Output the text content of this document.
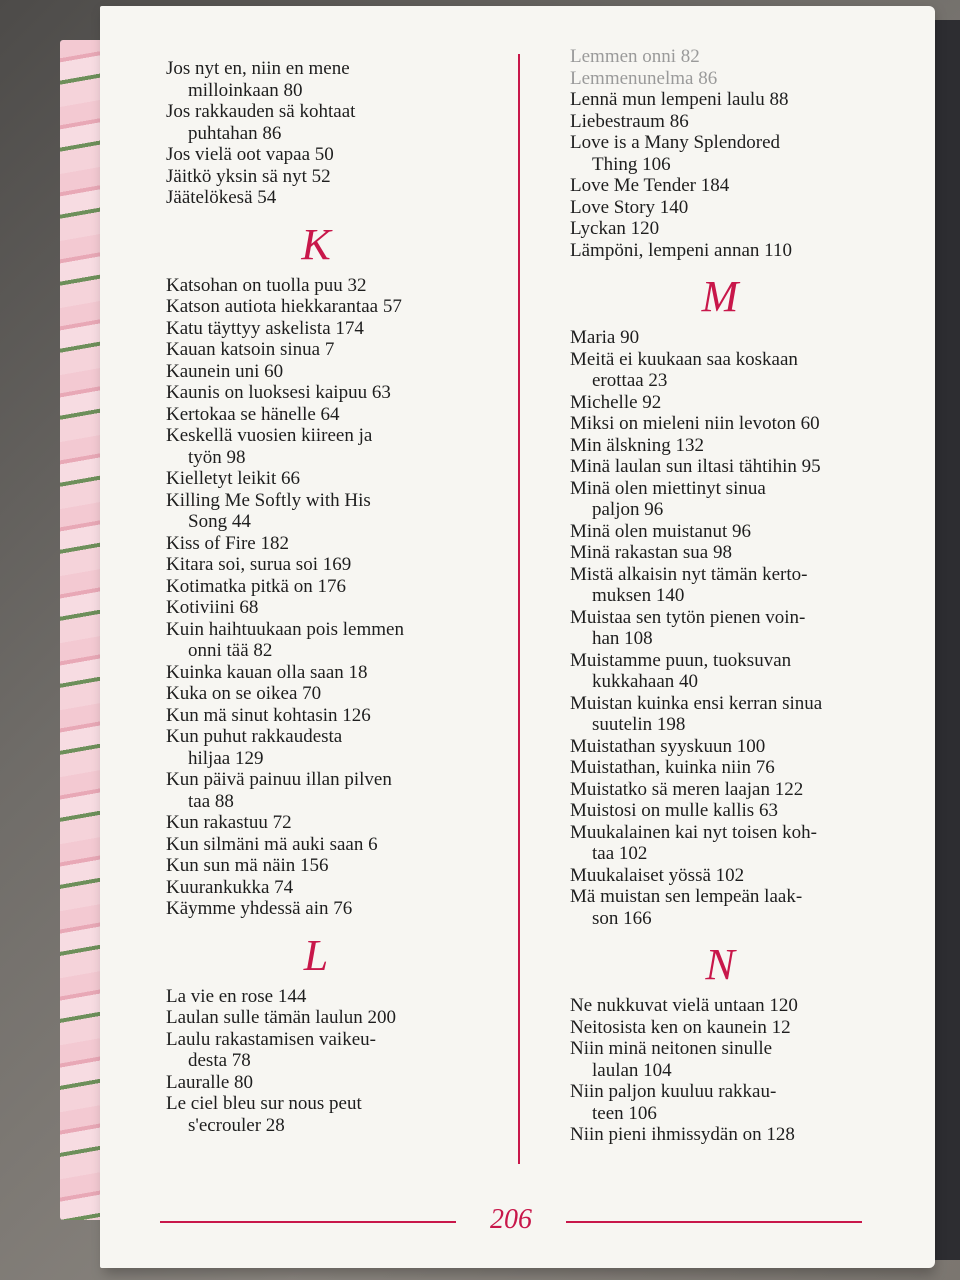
Jos nyt en, niin en mene
milloinkaan 80

Jos rakkauden sä kohtaat
puhtahan 86

Jos vielä oot vapaa 50

Jäitkö yksin sä nyt 52

Jäätelökesä 54

K

Katsohan on tuolla puu 32

Katson autiota hiekkarantaa 57

Katu täyttyy askelista 174

Kauan katsoin sinua 7

Kaunein uni 60

Kaunis on luoksesi kaipuu 63

Kertokaa se hänelle 64

Keskellä vuosien kiireen ja
työn 98

Kielletyt leikit 66

Killing Me Softly with His
Song 44

Kiss of Fire 182

Kitara soi, surua soi 169

Kotimatka pitkä on 176

Kotiviini 68

Kuin haihtuukaan pois lemmen
onni tää 82

Kuinka kauan olla saan 18

Kuka on se oikea 70

Kun mä sinut kohtasin 126

Kun puhut rakkaudesta
hiljaa 129

Kun päivä painuu illan pilven
taa 88

Kun rakastuu 72

Kun silmäni mä auki saan 6

Kun sun mä näin 156

Kuurankukka 74

Käymme yhdessä ain 76

L

La vie en rose 144

Laulan sulle tämän laulun 200

Laulu rakastamisen vaikeu-
desta 78

Lauralle 80

Le ciel bleu sur nous peut
s'ecrouler 28

Lemmen onni 82

Lemmenunelma 86

Lennä mun lempeni laulu 88

Liebestraum 86

Love is a Many Splendored
Thing 106

Love Me Tender 184

Love Story 140

Lyckan 120

Lämpöni, lempeni annan 110

M

Maria 90

Meitä ei kuukaan saa koskaan
erottaa 23

Michelle 92

Miksi on mieleni niin levoton 60

Min älskning 132

Minä laulan sun iltasi tähtihin 95

Minä olen miettinyt sinua
paljon 96

Minä olen muistanut 96

Minä rakastan sua 98

Mistä alkaisin nyt tämän kerto-
muksen 140

Muistaa sen tytön pienen voin-
han 108

Muistamme puun, tuoksuvan
kukkahaan 40

Muistan kuinka ensi kerran sinua
suutelin 198

Muistathan syyskuun 100

Muistathan, kuinka niin 76

Muistatko sä meren laajan 122

Muistosi on mulle kallis 63

Muukalainen kai nyt toisen koh-
taa 102

Muukalaiset yössä 102

Mä muistan sen lempeän laak-
son 166

N

Ne nukkuvat vielä untaan 120

Neitosista ken on kaunein 12

Niin minä neitonen sinulle
laulan 104

Niin paljon kuuluu rakkau-
teen 106

Niin pieni ihmissydän on 128

206
